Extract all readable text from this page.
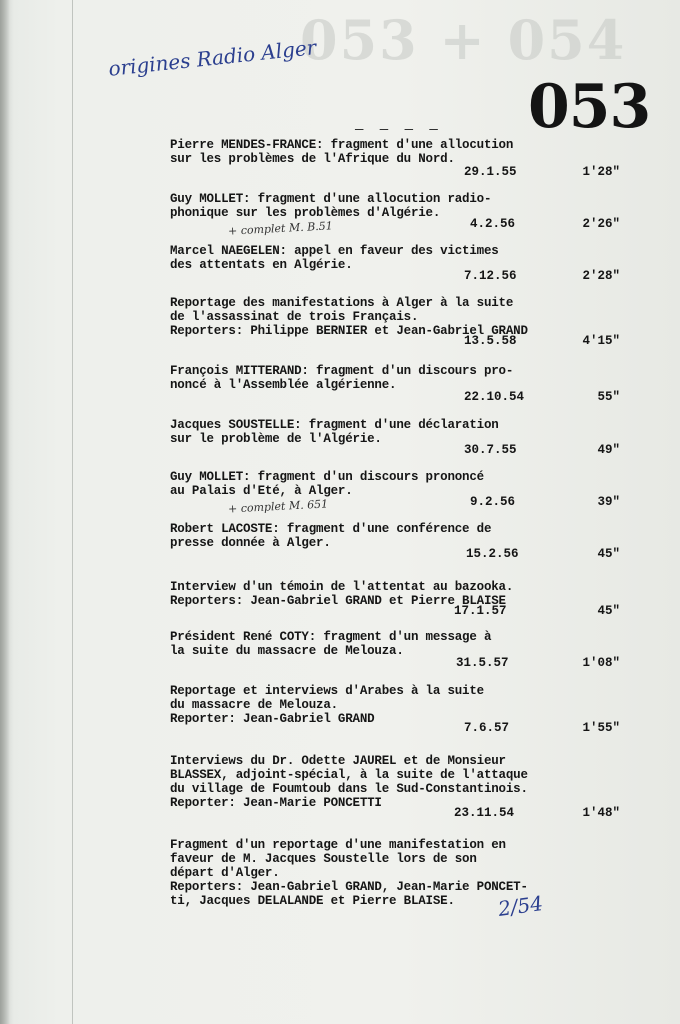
053 + 054
origines Radio Alger
053
— — — —
Pierre MENDES-FRANCE: fragment d'une allocution
sur les problèmes de l'Afrique du Nord.
29.1.55	1'28"
Guy MOLLET: fragment d'une allocution radio-
phonique sur les problèmes d'Algérie.
+ complet M. B.51	4.2.56	2'26"
Marcel NAEGELEN: appel en faveur des victimes
des attentats en Algérie.
7.12.56	2'28"
Reportage des manifestations à Alger à la suite
de l'assassinat de trois Français.
Reporters: Philippe BERNIER et Jean-Gabriel GRAND
13.5.58	4'15"
François MITTERAND: fragment d'un discours pro-
noncé à l'Assemblée algérienne.
22.10.54	55"
Jacques SOUSTELLE: fragment d'une déclaration
sur le problème de l'Algérie.
30.7.55	49"
Guy MOLLET: fragment d'un discours prononcé
au Palais d'Eté, à Alger.
+ complet M. 651	9.2.56	39"
Robert LACOSTE: fragment d'une conférence de
presse donnée à Alger.
15.2.56	45"
Interview d'un témoin de l'attentat au bazooka.
Reporters: Jean-Gabriel GRAND et Pierre BLAISE
17.1.57	45"
Président René COTY: fragment d'un message à
la suite du massacre de Melouza.
31.5.57	1'08"
Reportage et interviews d'Arabes à la suite
du massacre de Melouza.
Reporter: Jean-Gabriel GRAND
7.6.57	1'55"
Interviews du Dr. Odette JAUREL et de Monsieur
BLASSEX, adjoint-spécial, à la suite de l'attaque
du village de Foumtoub dans le Sud-Constantinois.
Reporter: Jean-Marie PONCETTI
23.11.54	1'48"
Fragment d'un reportage d'une manifestation en
faveur de M. Jacques Soustelle lors de son
départ d'Alger.
Reporters: Jean-Gabriel GRAND, Jean-Marie PONCET-
ti, Jacques DELALANDE et Pierre BLAISE.	2/54
